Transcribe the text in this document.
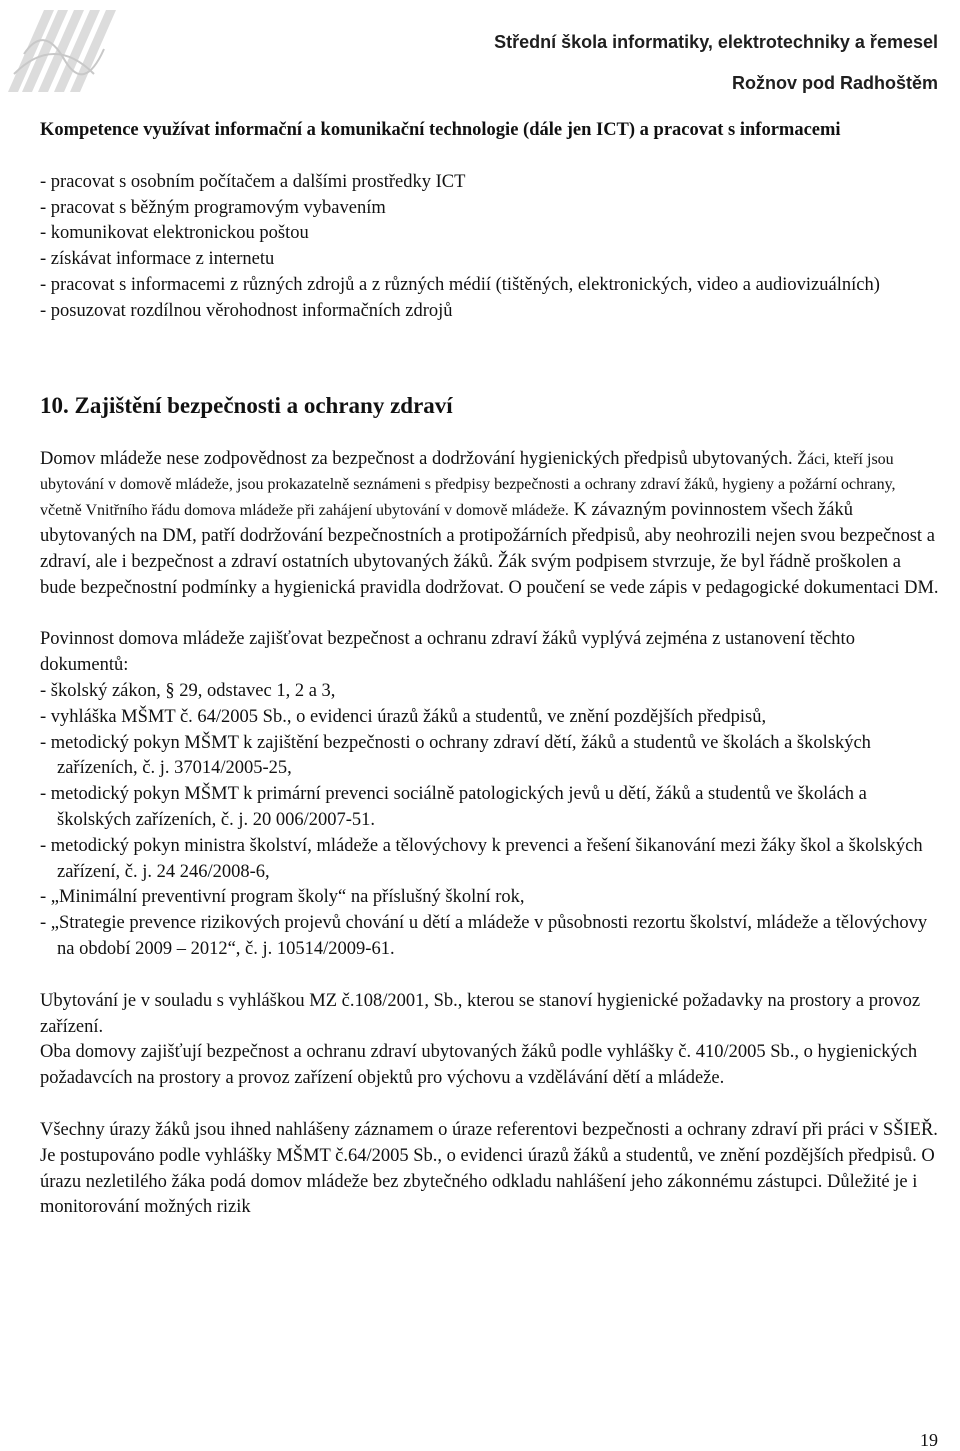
Střední škola informatiky, elektrotechniky a řemesel
Rožnov pod Radhoštěm

Kompetence využívat informační a komunikační technologie (dále jen ICT) a pracovat s informacemi

- pracovat s osobním počítačem a dalšími prostředky ICT
- pracovat s běžným programovým vybavením
- komunikovat elektronickou poštou
- získávat informace z internetu
- pracovat s informacemi z různých zdrojů a z různých médií (tištěných, elektronických, video a audiovizuálních)
- posuzovat rozdílnou věrohodnost informačních zdrojů

10. Zajištění bezpečnosti a ochrany zdraví

Domov mládeže nese zodpovědnost za bezpečnost a dodržování hygienických předpisů ubytovaných. Žáci, kteří jsou ubytování v domově mládeže, jsou prokazatelně seznámeni s předpisy bezpečnosti a ochrany zdraví žáků, hygieny a požární ochrany, včetně Vnitřního řádu domova mládeže při zahájení ubytování v domově mládeže. K závazným povinnostem všech žáků ubytovaných na DM, patří dodržování bezpečnostních a protipožárních předpisů, aby neohrozili nejen svou bezpečnost a zdraví, ale i bezpečnost a zdraví ostatních ubytovaných žáků. Žák svým podpisem stvrzuje, že byl řádně proškolen a bude bezpečnostní podmínky a hygienická pravidla dodržovat. O poučení se vede zápis v pedagogické dokumentaci DM.

Povinnost domova mládeže zajišťovat bezpečnost a ochranu zdraví žáků vyplývá zejména z ustanovení těchto dokumentů:

- školský zákon, § 29, odstavec 1, 2 a 3,
- vyhláška MŠMT č. 64/2005 Sb., o evidenci úrazů žáků a studentů, ve znění pozdějších předpisů,
- metodický pokyn MŠMT k zajištění bezpečnosti o ochrany zdraví dětí, žáků a studentů ve školách a školských zařízeních, č. j. 37014/2005-25,
- metodický pokyn MŠMT k primární prevenci sociálně patologických jevů u dětí, žáků a studentů ve školách a školských zařízeních, č. j. 20 006/2007-51.
- metodický pokyn ministra školství, mládeže a tělovýchovy k prevenci a řešení šikanování mezi žáky škol a školských zařízení, č. j. 24 246/2008-6,
- „Minimální preventivní program školy“ na příslušný školní rok,
- „Strategie prevence rizikových projevů chování u dětí a mládeže v působnosti rezortu školství, mládeže a tělovýchovy na období 2009 – 2012“, č. j. 10514/2009-61.

Ubytování je v souladu s vyhláškou MZ č.108/2001, Sb., kterou se stanoví hygienické požadavky na prostory a provoz zařízení.

Oba domovy zajišťují bezpečnost a ochranu zdraví ubytovaných žáků podle vyhlášky č. 410/2005 Sb., o hygienických požadavcích na prostory a provoz zařízení objektů pro výchovu a vzdělávání dětí a mládeže.

Všechny úrazy žáků jsou ihned nahlášeny záznamem o úraze referentovi bezpečnosti a ochrany zdraví při práci v SŠIEŘ. Je postupováno podle vyhlášky MŠMT č.64/2005 Sb., o evidenci úrazů žáků a studentů, ve znění pozdějších předpisů. O úrazu nezletilého žáka podá domov mládeže bez zbytečného odkladu nahlášení jeho zákonnému zástupci. Důležité je i monitorování možných rizik

19
